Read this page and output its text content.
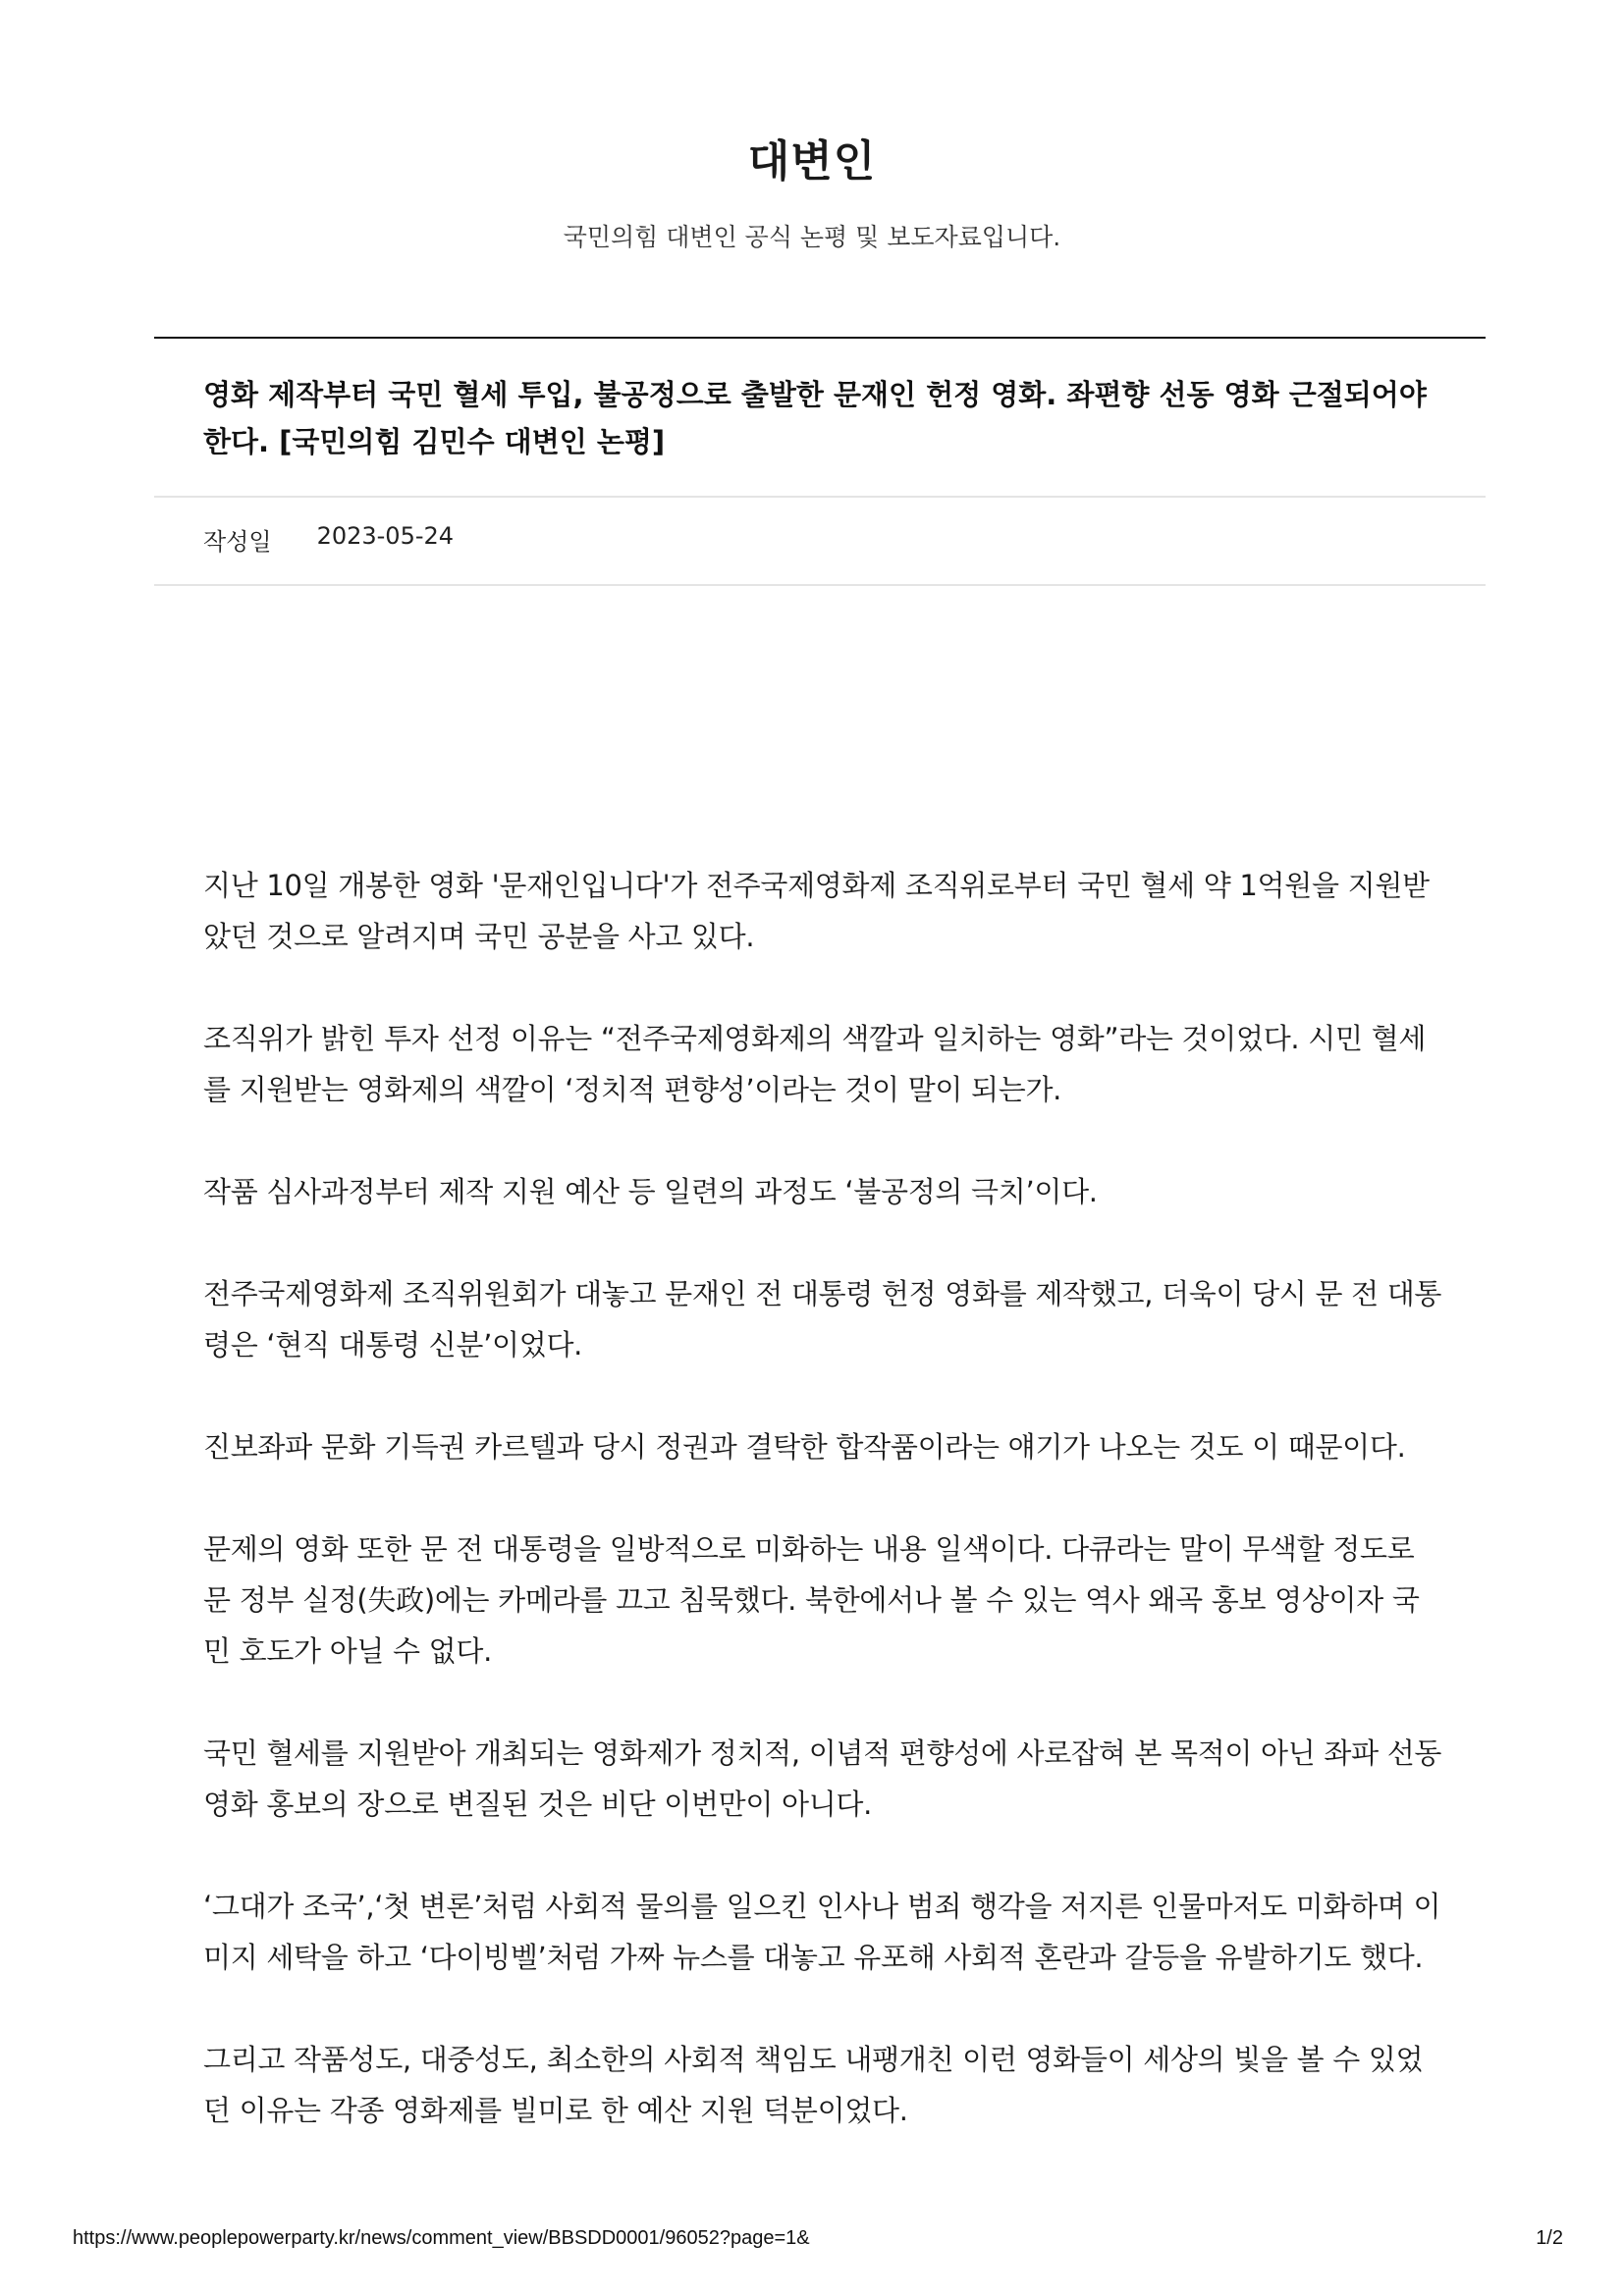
대변인
국민의힘 대변인 공식 논평 및 보도자료입니다.
영화 제작부터 국민 혈세 투입, 불공정으로 출발한 문재인 헌정 영화. 좌편향 선동 영화 근절되어야 한다. [국민의힘 김민수 대변인 논평]
작성일 2023-05-24

지난 10일 개봉한 영화 '문재인입니다'가 전주국제영화제 조직위로부터 국민 혈세 약 1억원을 지원받았던 것으로 알려지며 국민 공분을 사고 있다.

조직위가 밝힌 투자 선정 이유는 “전주국제영화제의 색깔과 일치하는 영화”라는 것이었다. 시민 혈세를 지원받는 영화제의 색깔이 ‘정치적 편향성’이라는 것이 말이 되는가.

작품 심사과정부터 제작 지원 예산 등 일련의 과정도 ‘불공정의 극치’이다.

전주국제영화제 조직위원회가 대놓고 문재인 전 대통령 헌정 영화를 제작했고, 더욱이 당시 문 전 대통령은 ‘현직 대통령 신분’이었다.

진보좌파 문화 기득권 카르텔과 당시 정권과 결탁한 합작품이라는 얘기가 나오는 것도 이 때문이다.

문제의 영화 또한 문 전 대통령을 일방적으로 미화하는 내용 일색이다. 다큐라는 말이 무색할 정도로 문 정부 실정(失政)에는 카메라를 끄고 침묵했다. 북한에서나 볼 수 있는 역사 왜곡 홍보 영상이자 국민 호도가 아닐 수 없다.

국민 혈세를 지원받아 개최되는 영화제가 정치적, 이념적 편향성에 사로잡혀 본 목적이 아닌 좌파 선동 영화 홍보의 장으로 변질된 것은 비단 이번만이 아니다.

‘그대가 조국’,‘첫 변론’처럼 사회적 물의를 일으킨 인사나 범죄 행각을 저지른 인물마저도 미화하며 이미지 세탁을 하고 ‘다이빙벨’처럼 가짜 뉴스를 대놓고 유포해 사회적 혼란과 갈등을 유발하기도 했다.

그리고 작품성도, 대중성도, 최소한의 사회적 책임도 내팽개친 이런 영화들이 세상의 빛을 볼 수 있었던 이유는 각종 영화제를 빌미로 한 예산 지원 덕분이었다.

https://www.peoplepowerparty.kr/news/comment_view/BBSDD0001/96052?page=1&	1/2
